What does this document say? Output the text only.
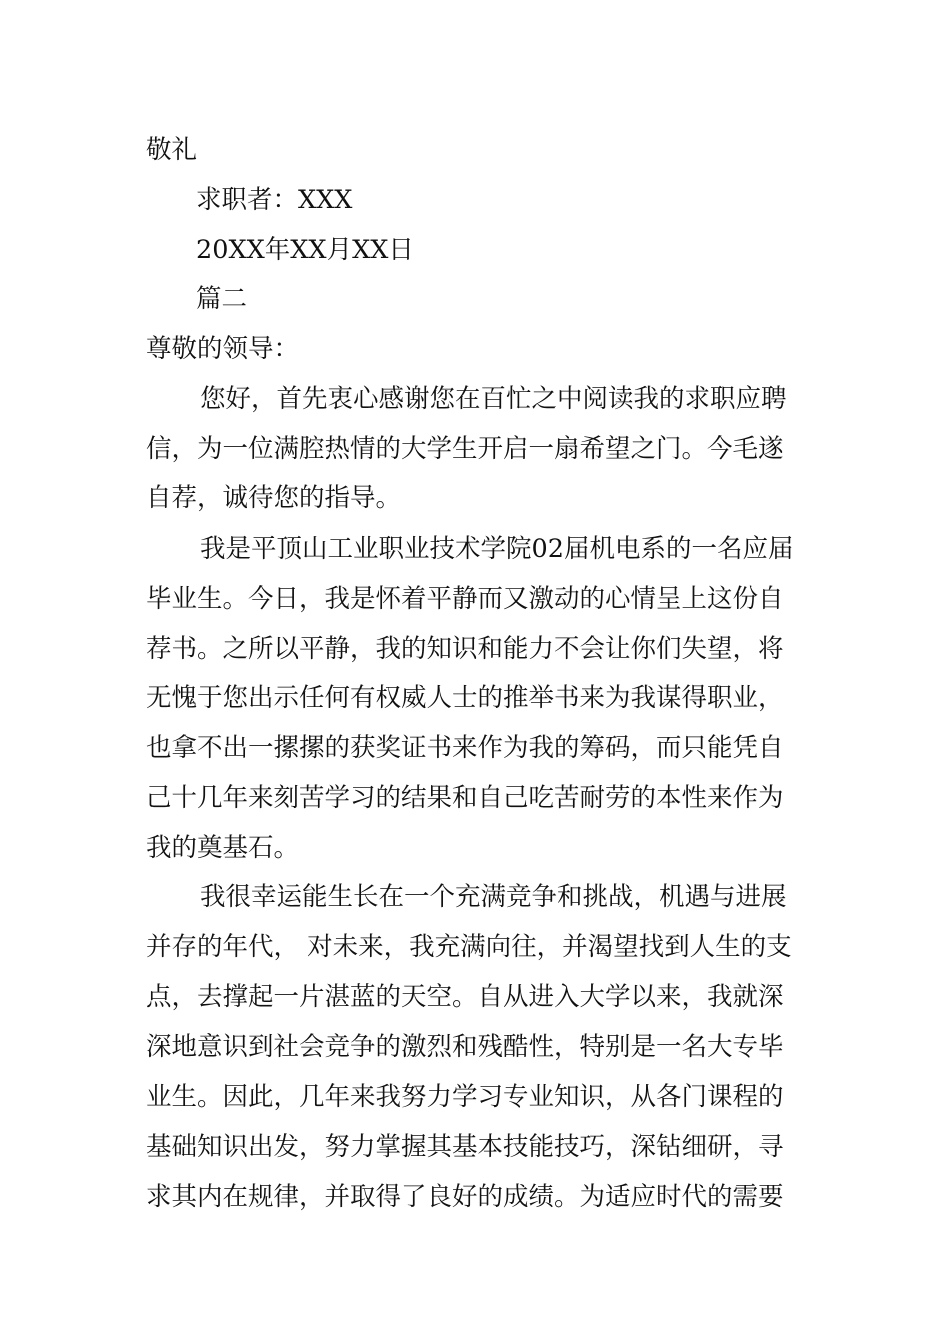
敬礼
求职者：XXX
20XX年XX月XX日
篇二
尊敬的领导：
您好，首先衷心感谢您在百忙之中阅读我的求职应聘
信，为一位满腔热情的大学生开启一扇希望之门。今毛遂
自荐，诚待您的指导。
我是平顶山工业职业技术学院02届机电系的一名应届
毕业生。今日，我是怀着平静而又激动的心情呈上这份自
荐书。之所以平静，我的知识和能力不会让你们失望，将
无愧于您出示任何有权威人士的推举书来为我谋得职业，
也拿不出一摞摞的获奖证书来作为我的筹码，而只能凭自
己十几年来刻苦学习的结果和自己吃苦耐劳的本性来作为
我的奠基石。
我很幸运能生长在一个充满竞争和挑战，机遇与进展
并存的年代， 对未来，我充满向往，并渴望找到人生的支
点，去撑起一片湛蓝的天空。自从进入大学以来，我就深
深地意识到社会竞争的激烈和残酷性，特别是一名大专毕
业生。因此，几年来我努力学习专业知识，从各门课程的
基础知识出发，努力掌握其基本技能技巧，深钻细研，寻
求其内在规律，并取得了良好的成绩。为适应时代的需要
